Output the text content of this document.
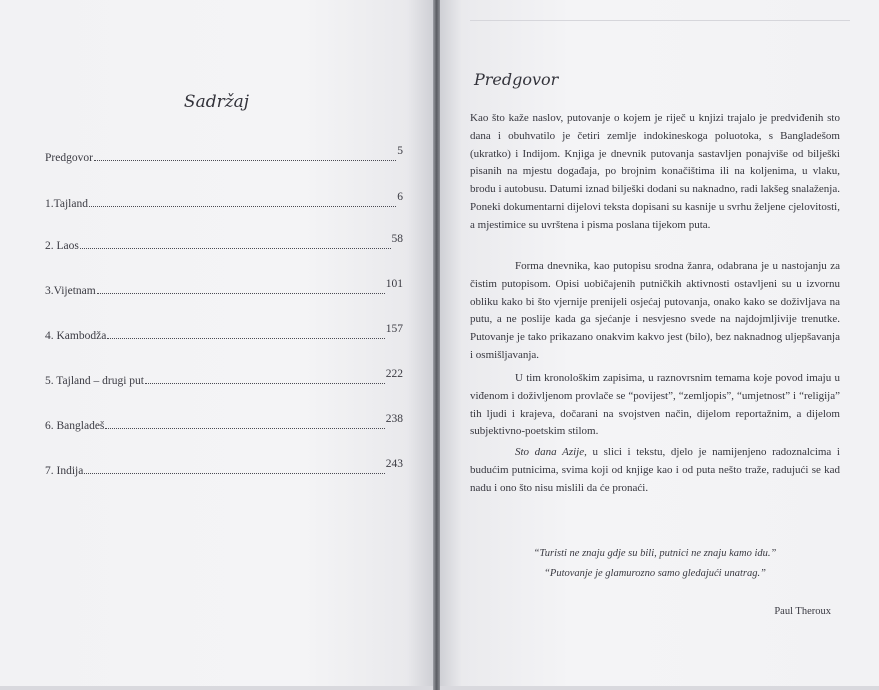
Sadržaj
Predgovor
5
1.Tajland
6
2. Laos
58
3.Vijetnam
101
4. Kambodža
157
5. Tajland – drugi put
222
6. Bangladeš
238
7. Indija
243
Predgovor

Kao što kaže naslov, putovanje o kojem je riječ u knjizi trajalo je predviđenih sto dana i obuhvatilo je četiri zemlje indokineskoga poluotoka, s Bangladešom (ukratko) i Indijom. Knjiga je dnevnik putovanja sastavljen ponajviše od bilješki pisanih na mjestu događaja, po brojnim konačištima ili na koljenima, u vlaku, brodu i autobusu. Datumi iznad bilješki dodani su naknadno, radi lakšeg snalaženja. Poneki dokumentarni dijelovi teksta dopisani su kasnije u svrhu željene cjelovitosti, a mjestimice su uvrštena i pisma poslana tijekom puta.

Forma dnevnika, kao putopisu srodna žanra, odabrana je u nastojanju za čistim putopisom. Opisi uobičajenih putničkih aktivnosti ostavljeni su u izvornu obliku kako bi što vjernije prenijeli osjećaj putovanja, onako kako se doživljava na putu, a ne poslije kada ga sjećanje i nesvjesno svede na najdojmljivije trenutke. Putovanje je tako prikazano onakvim kakvo jest (bilo), bez naknadnog uljepšavanja i osmišljavanja.

U tim kronološkim zapisima, u raznovrsnim temama koje povod imaju u viđenom i doživljenom provlače se “povijest”, “zemljopis”, “umjetnost” i “religija” tih ljudi i krajeva, dočarani na svojstven način, dijelom reportažnim, a dijelom subjektivno-poetskim stilom.

Sto dana Azije, u slici i tekstu, djelo je namijenjeno radoznalcima i budućim putnicima, svima koji od knjige kao i od puta nešto traže, radujući se kad nadu i ono što nisu mislili da će pronaći.

“Turisti ne znaju gdje su bili, putnici ne znaju kamo idu.”
“Putovanje je glamurozno samo gledajući unatrag.”
Paul Theroux
